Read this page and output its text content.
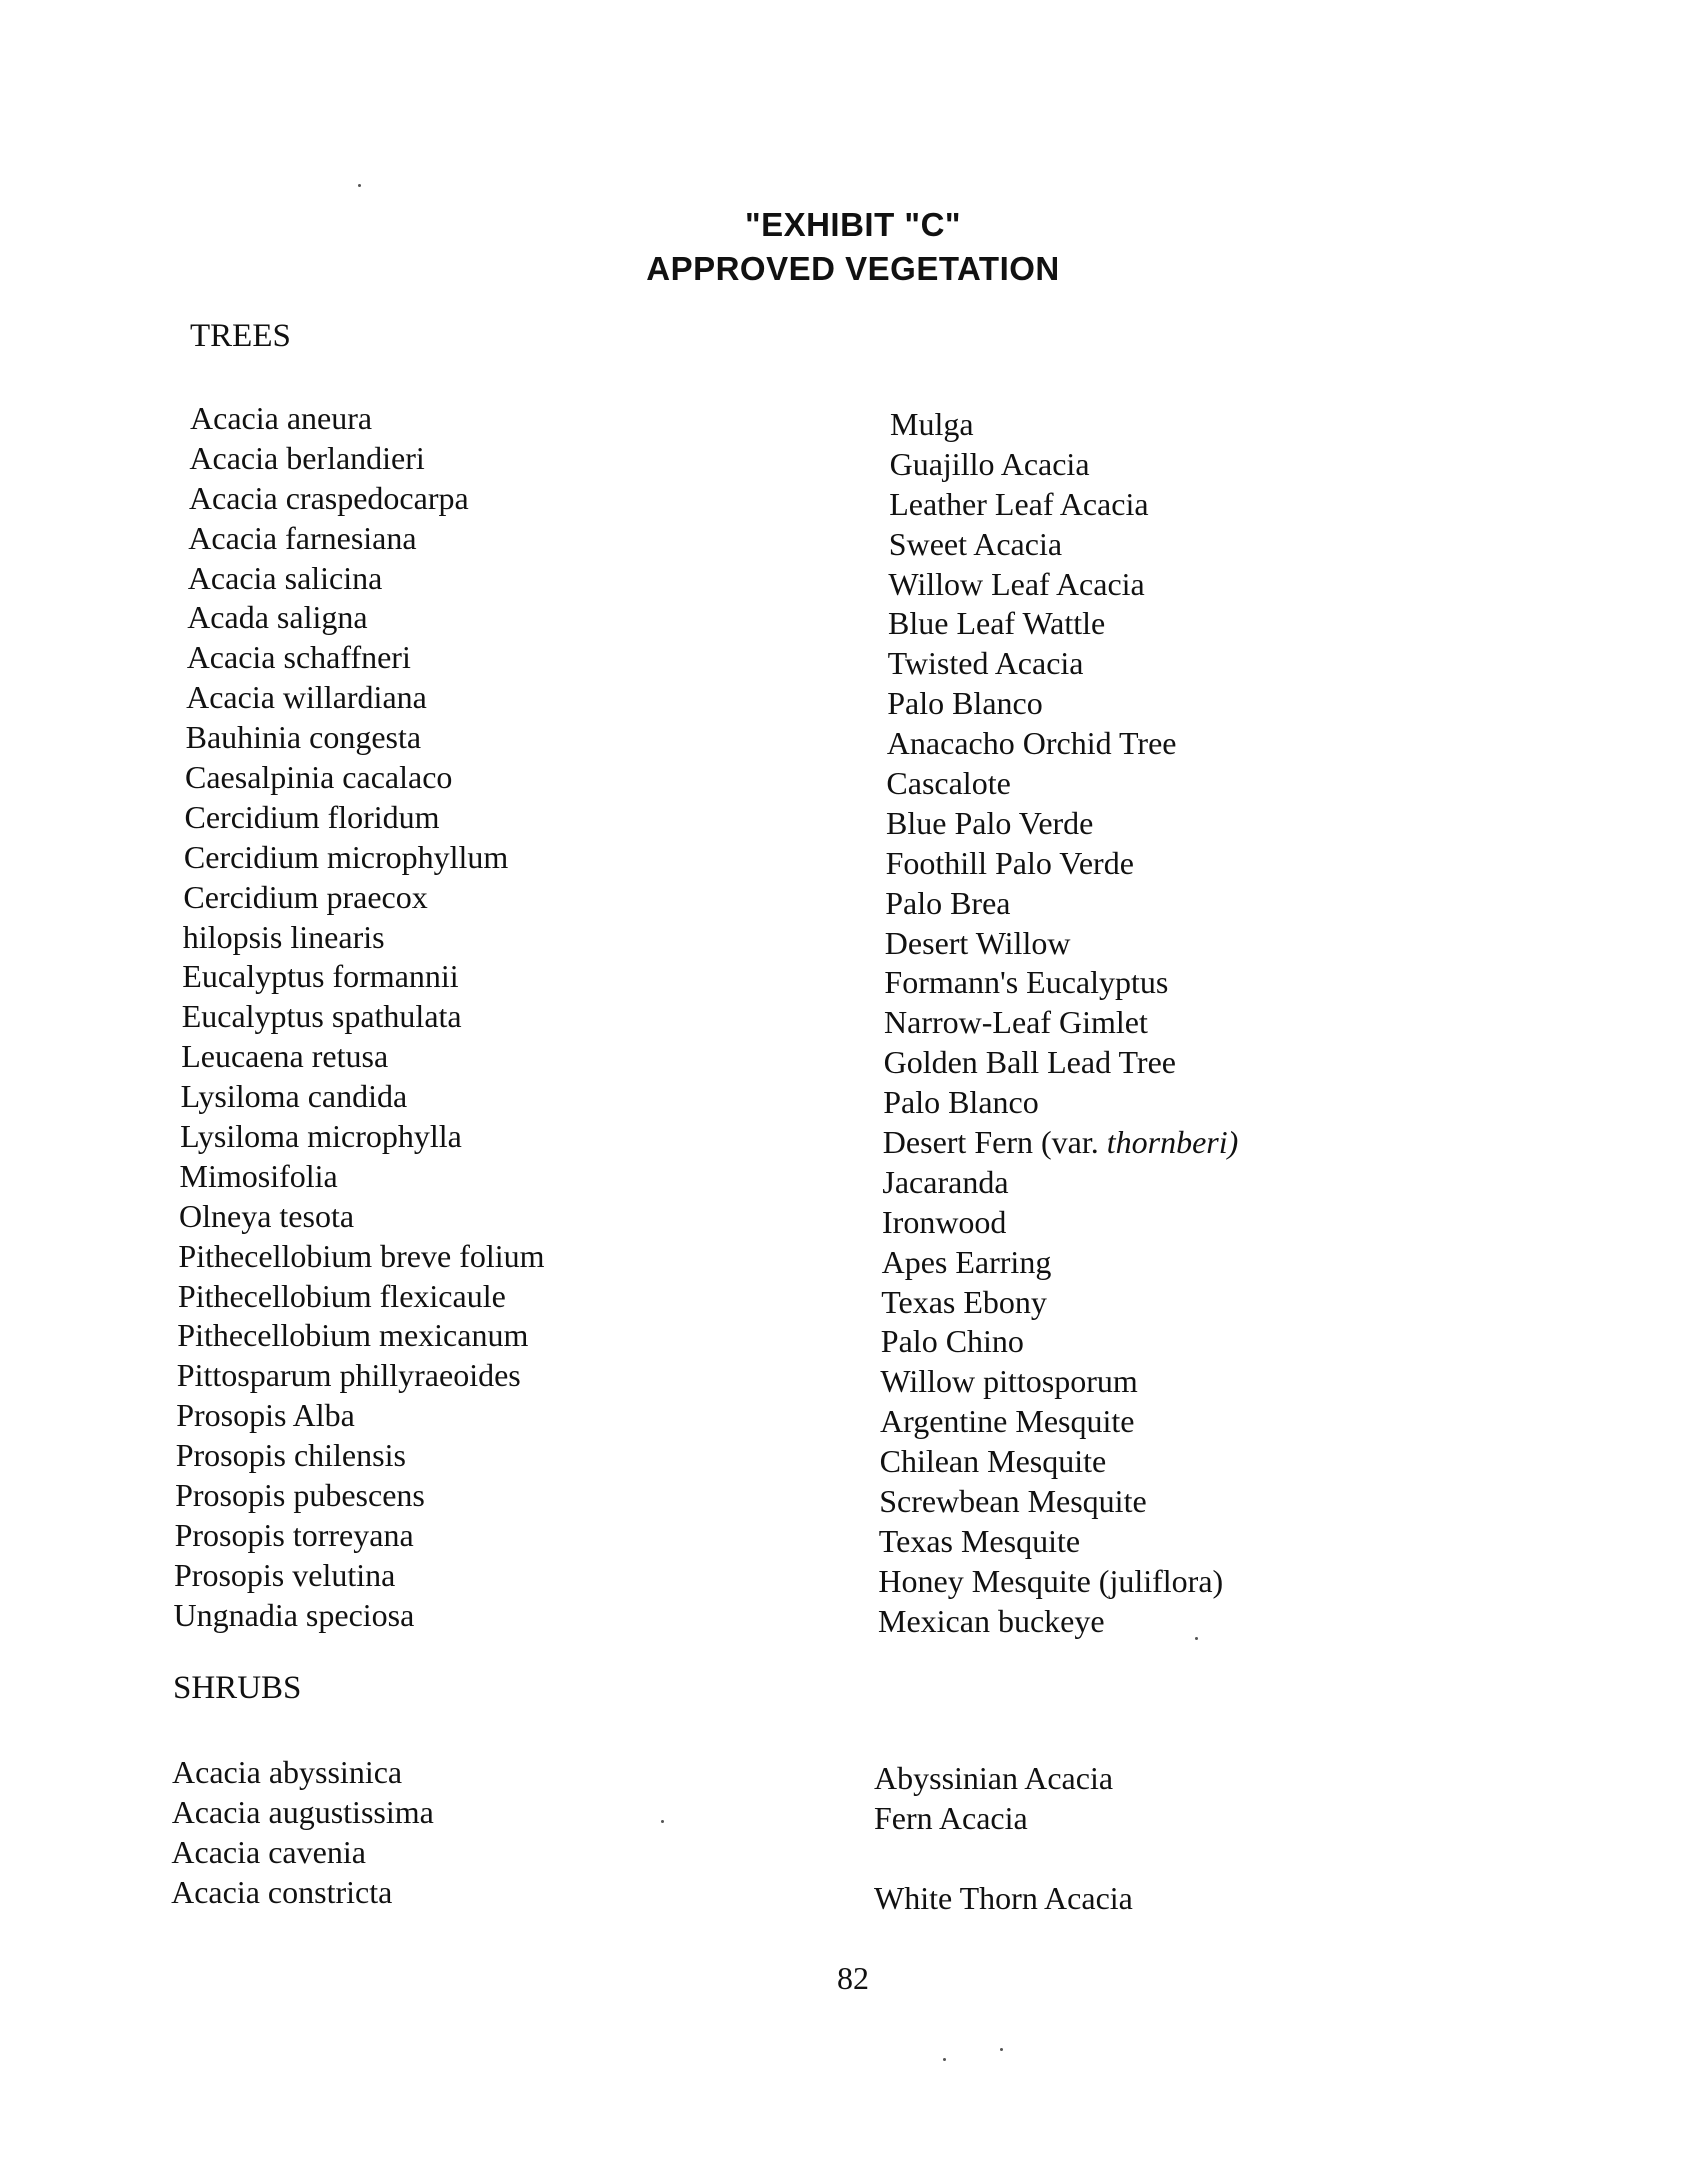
"EXHIBIT "C"
APPROVED VEGETATION
TREES
Acacia aneura
Acacia berlandieri
Acacia craspedocarpa
Acacia farnesiana
Acacia salicina
Acada saligna
Acacia schaffneri
Acacia willardiana
Bauhinia congesta
Caesalpinia cacalaco
Cercidium floridum
Cercidium microphyllum
Cercidium praecox
hilopsis linearis
Eucalyptus formannii
Eucalyptus spathulata
Leucaena retusa
Lysiloma candida
Lysiloma microphylla
Mimosifolia
Olneya tesota
Pithecellobium breve folium
Pithecellobium flexicaule
Pithecellobium mexicanum
Pittosparum phillyraeoides
Prosopis Alba
Prosopis chilensis
Prosopis pubescens
Prosopis torreyana
Prosopis velutina
Ungnadia speciosa
Mulga
Guajillo Acacia
Leather Leaf Acacia
Sweet Acacia
Willow Leaf Acacia
Blue Leaf Wattle
Twisted Acacia
Palo Blanco
Anacacho Orchid Tree
Cascalote
Blue Palo Verde
Foothill Palo Verde
Palo Brea
Desert Willow
Formann's Eucalyptus
Narrow-Leaf Gimlet
Golden Ball Lead Tree
Palo Blanco
Desert Fern (var. thornberi)
Jacaranda
Ironwood
Apes Earring
Texas Ebony
Palo Chino
Willow pittosporum
Argentine Mesquite
Chilean Mesquite
Screwbean Mesquite
Texas Mesquite
Honey Mesquite (juliflora)
Mexican buckeye
SHRUBS
Acacia abyssinica
Acacia augustissima
Acacia cavenia
Acacia constricta
Abyssinian Acacia
Fern Acacia
White Thorn Acacia
82
